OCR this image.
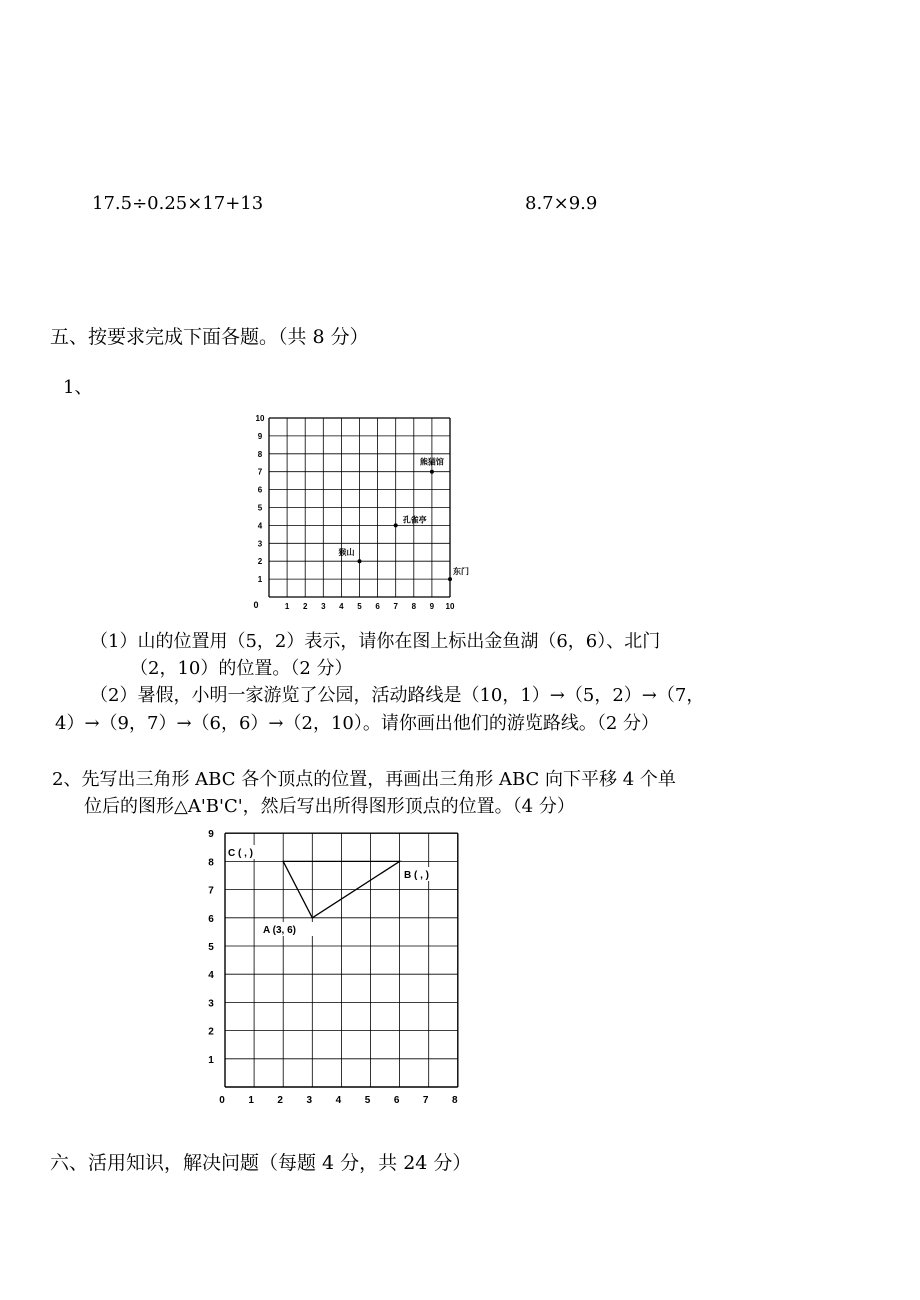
17.5÷0.25×17+13	8.7×9.9
五、按要求完成下面各题。（共 8 分）
1、
10
9
8
7
6
5
4
3
2
1
1 2 3 4 5 6 7 8 9 10
0
熊猫馆
孔雀亭
猴山
东门
（1）山的位置用（5，2）表示，请你在图上标出金鱼湖（6，6）、北门
（2，10）的位置。（2 分）
（2）暑假，小明一家游览了公园，活动路线是（10，1）→（5，2）→（7，
4）→（9，7）→（6，6）→（2，10）。请你画出他们的游览路线。（2 分）
2、先写出三角形 ABC 各个顶点的位置，再画出三角形 ABC 向下平移 4 个单
位后的图形△A'B'C'，然后写出所得图形顶点的位置。（4 分）
9
8
7
6
5
4
3
2
1
0 1 2 3 4 5 6 7 8
C ( , )
B ( , )
A (3, 6)
六、活用知识，解决问题（每题 4 分，共 24 分）
